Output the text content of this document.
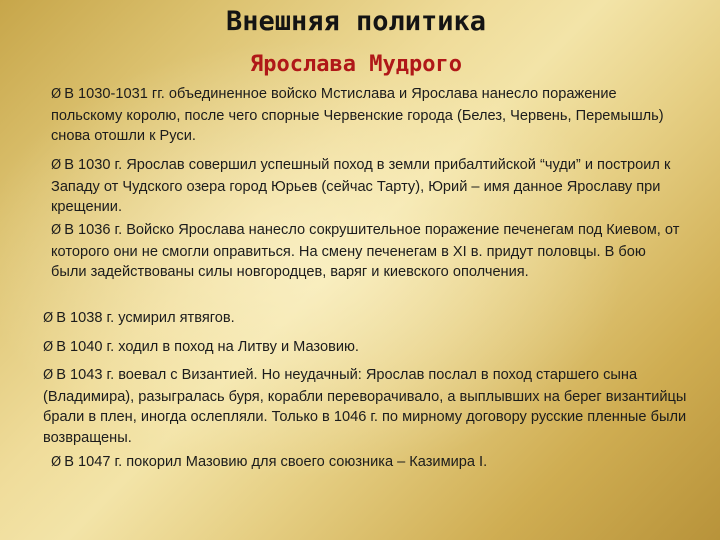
Внешняя политика
Ярослава Мудрого

Ø В 1030-1031 гг. объединенное войско Мстислава и Ярослава нанесло поражение польскому королю, после чего спорные Червенские города (Белез, Червень, Перемышль) снова отошли к Руси.

Ø В 1030 г. Ярослав совершил успешный поход в земли прибалтийской “чуди” и построил к Западу от Чудского озера город Юрьев (сейчас Тарту), Юрий – имя данное Ярославу при крещении.

Ø В 1036 г. Войско Ярослава нанесло сокрушительное поражение печенегам под Киевом, от которого они не смогли оправиться. На смену печенегам в XI в. придут половцы. В бою были задействованы силы новгородцев, варяг и киевского ополчения.

Ø В 1038 г. усмирил ятвягов.

Ø В 1040 г. ходил в поход на Литву и Мазовию.

Ø В 1043 г. воевал с Византией. Но неудачный: Ярослав послал в поход старшего сына (Владимира), разыгралась буря, корабли переворачивало, а выплывших на берег византийцы брали в плен, иногда ослепляли. Только в 1046 г. по мирному договору русские пленные были возвращены.

Ø В 1047 г. покорил Мазовию для своего союзника – Казимира I.
